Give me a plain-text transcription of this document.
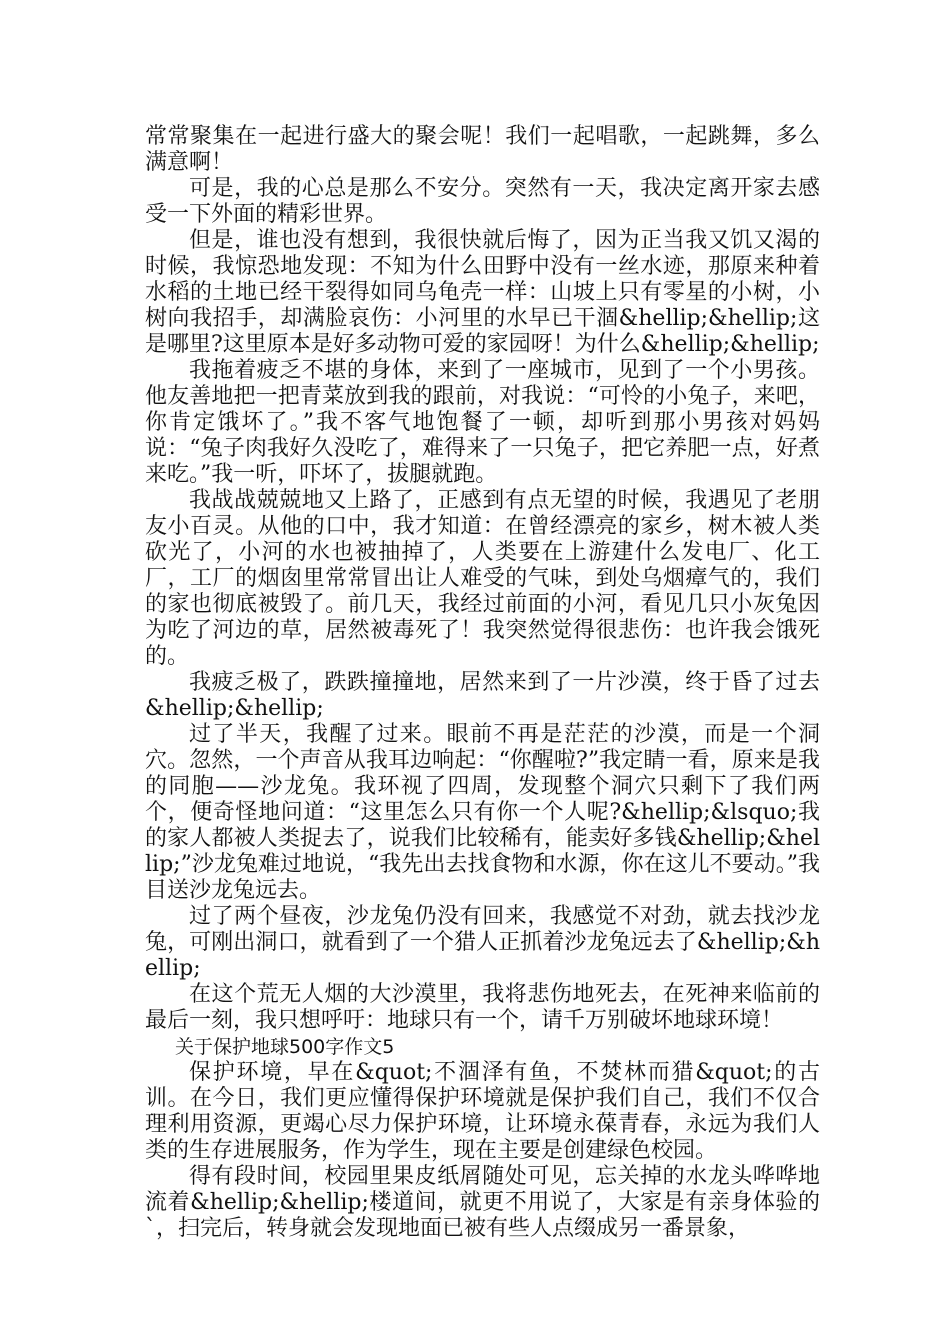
常常聚集在一起进行盛大的聚会呢！我们一起唱歌，一起跳舞，多么满意啊！

可是，我的心总是那么不安分。突然有一天，我决定离开家去感受一下外面的精彩世界。

但是，谁也没有想到，我很快就后悔了，因为正当我又饥又渴的时候，我惊恐地发现：不知为什么田野中没有一丝水迹，那原来种着水稻的土地已经干裂得如同乌龟壳一样：山坡上只有零星的小树，小树向我招手，却满脸哀伤：小河里的水早已干涸&hellip;&hellip;这是哪里?这里原本是好多动物可爱的家园呀！为什么&hellip;&hellip;

我拖着疲乏不堪的身体，来到了一座城市，见到了一个小男孩。他友善地把一把青菜放到我的跟前，对我说：“可怜的小兔子，来吧，你肯定饿坏了。”我不客气地饱餐了一顿，却听到那小男孩对妈妈说：“兔子肉我好久没吃了，难得来了一只兔子，把它养肥一点，好煮来吃。”我一听，吓坏了，拔腿就跑。

我战战兢兢地又上路了，正感到有点无望的时候，我遇见了老朋友小百灵。从他的口中，我才知道：在曾经漂亮的家乡，树木被人类砍光了，小河的水也被抽掉了，人类要在上游建什么发电厂、化工厂，工厂的烟囱里常常冒出让人难受的气味，到处乌烟瘴气的，我们的家也彻底被毁了。前几天，我经过前面的小河，看见几只小灰兔因为吃了河边的草，居然被毒死了！我突然觉得很悲伤：也许我会饿死的。

我疲乏极了，跌跌撞撞地，居然来到了一片沙漠，终于昏了过去&hellip;&hellip;

过了半天，我醒了过来。眼前不再是茫茫的沙漠，而是一个洞穴。忽然，一个声音从我耳边响起：“你醒啦?”我定睛一看，原来是我的同胞——沙龙兔。我环视了四周，发现整个洞穴只剩下了我们两个，便奇怪地问道：“这里怎么只有你一个人呢?&hellip;&lsquo;我的家人都被人类捉去了，说我们比较稀有，能卖好多钱&hellip;&hellip;”沙龙兔难过地说，“我先出去找食物和水源，你在这儿不要动。”我目送沙龙兔远去。

过了两个昼夜，沙龙兔仍没有回来，我感觉不对劲，就去找沙龙兔，可刚出洞口，就看到了一个猎人正抓着沙龙兔远去了&hellip;&hellip;

在这个荒无人烟的大沙漠里，我将悲伤地死去，在死神来临前的最后一刻，我只想呼吁：地球只有一个，请千万别破坏地球环境！

关于保护地球500字作文5

保护环境，早在&quot;不涸泽有鱼，不焚林而猎&quot;的古训。在今日，我们更应懂得保护环境就是保护我们自己，我们不仅合理利用资源，更竭心尽力保护环境，让环境永葆青春，永远为我们人类的生存进展服务，作为学生，现在主要是创建绿色校园。

得有段时间，校园里果皮纸屑随处可见，忘关掉的水龙头哗哗地流着&hellip;&hellip;楼道间，就更不用说了，大家是有亲身体验的`，扫完后，转身就会发现地面已被有些人点缀成另一番景象，
